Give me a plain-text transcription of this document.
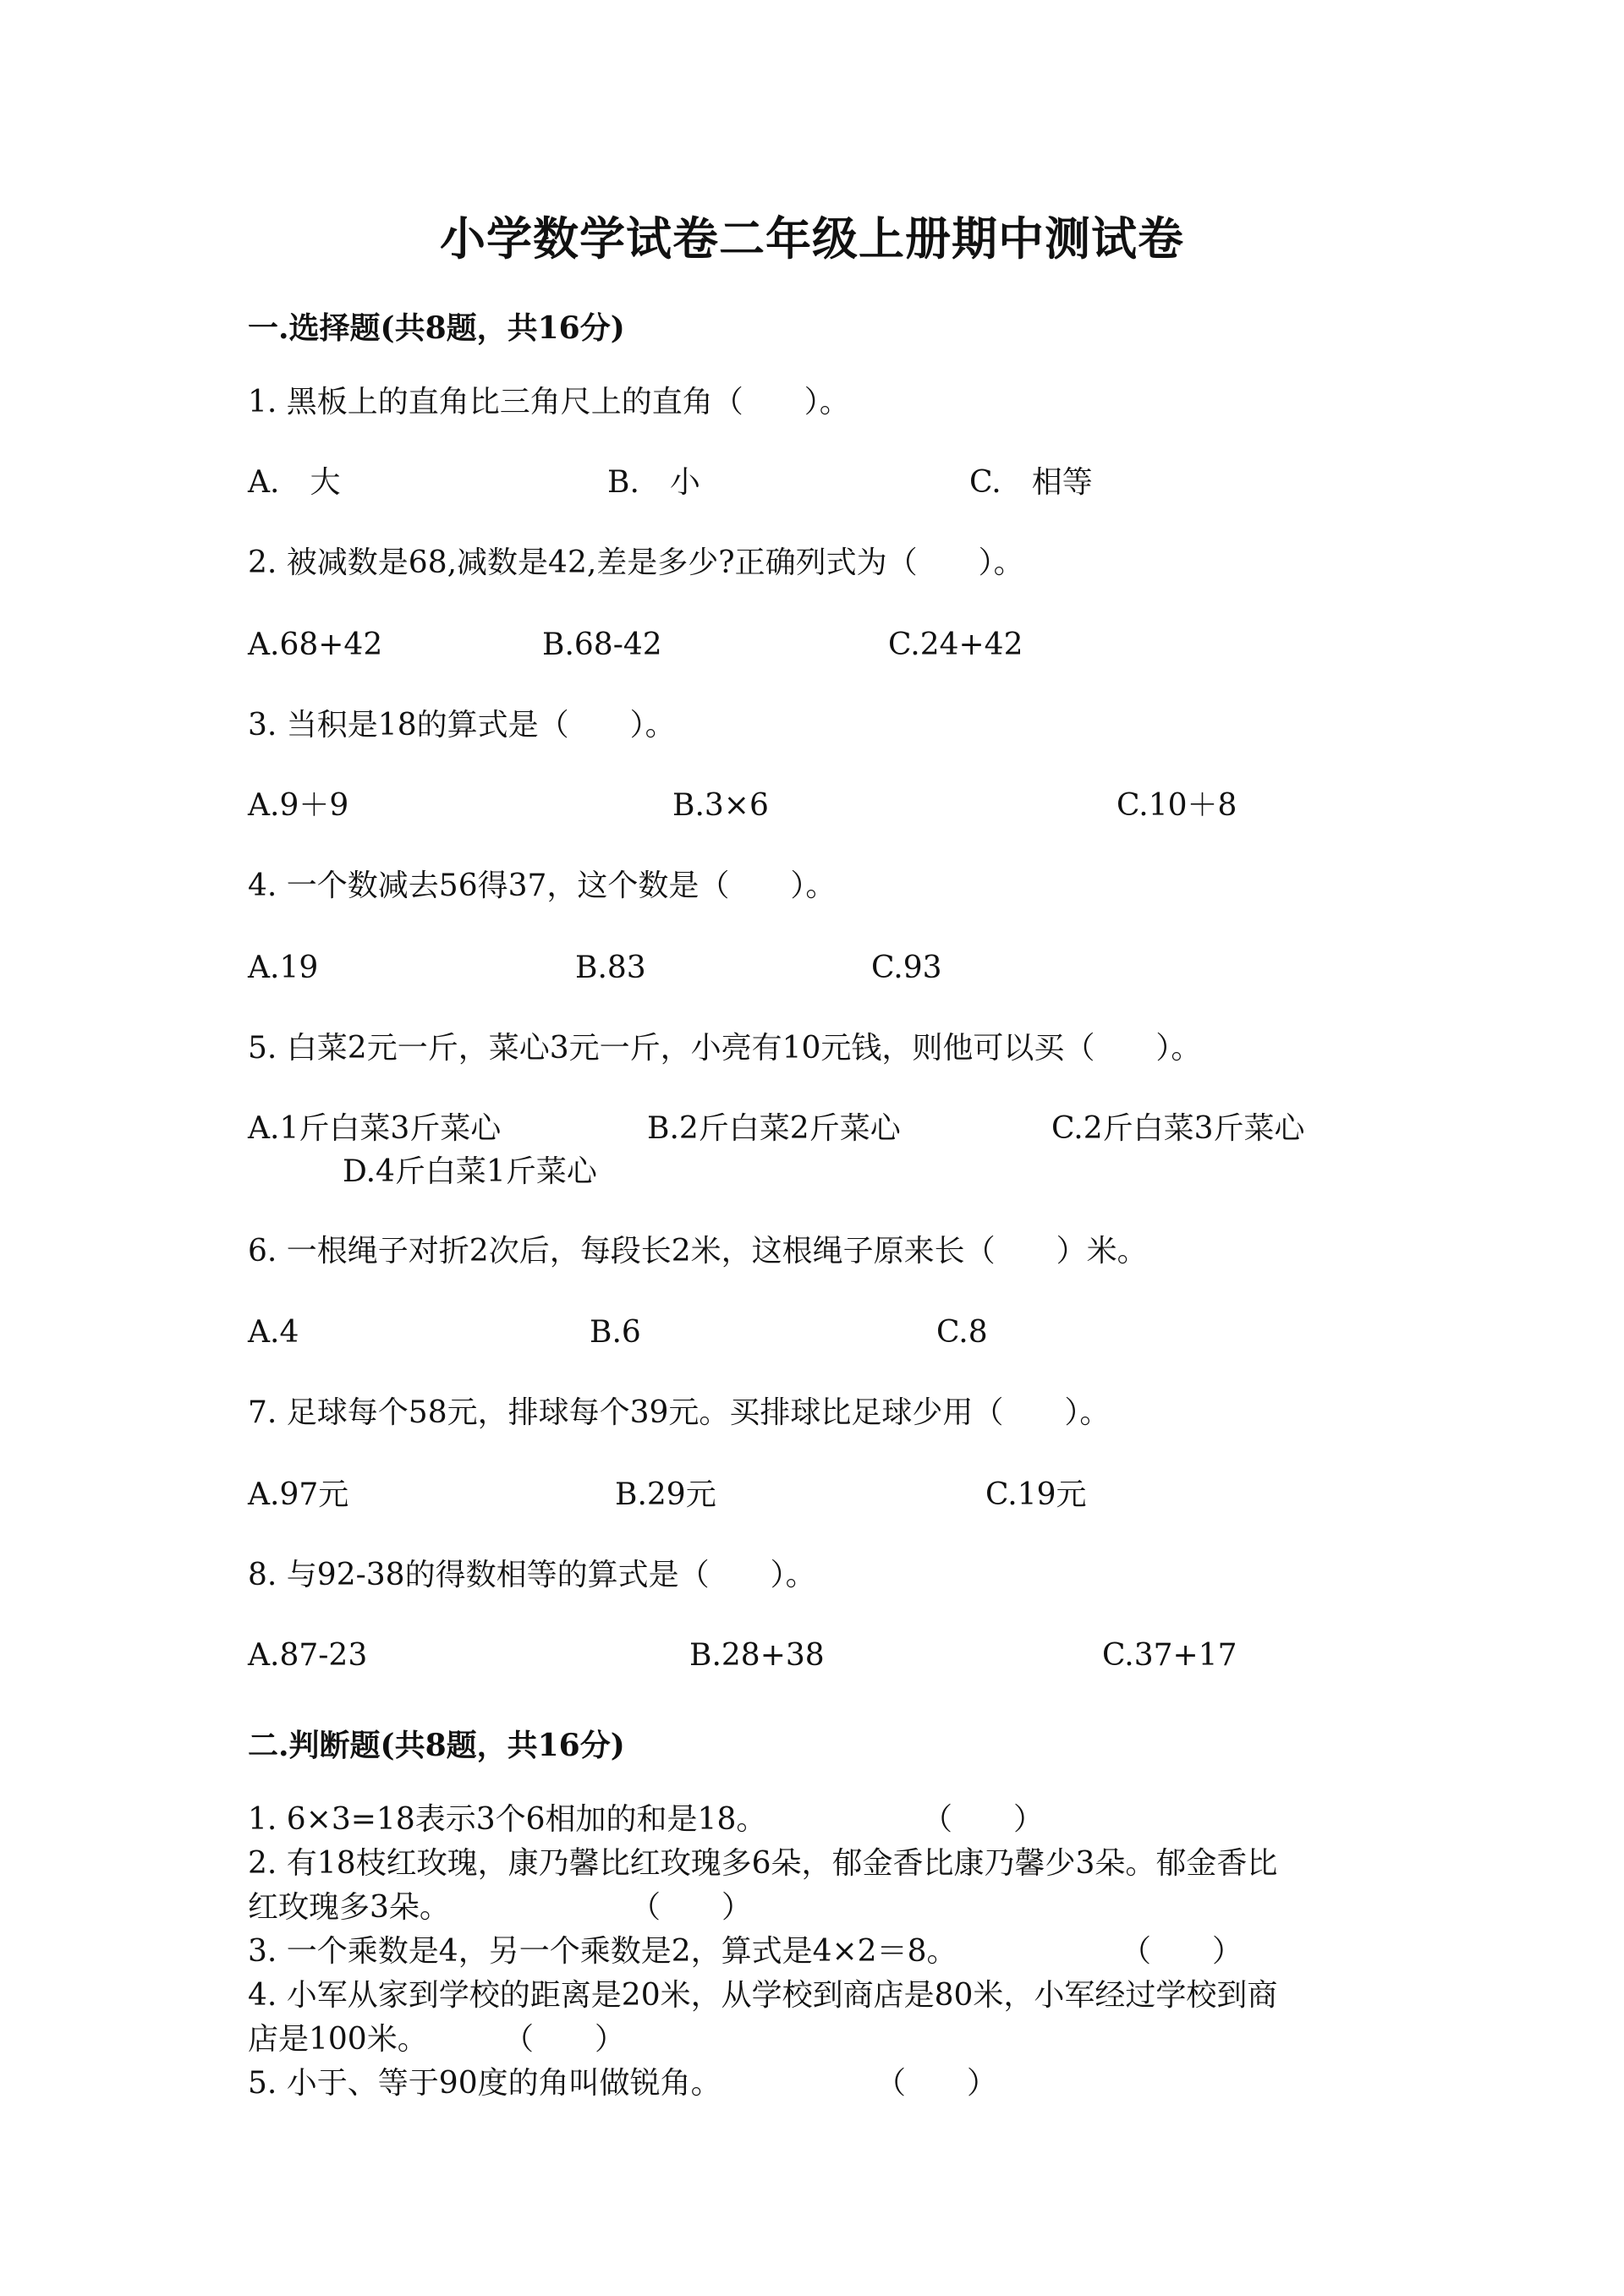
小学数学试卷二年级上册期中测试卷
一.选择题(共8题，共16分)
1. 黑板上的直角比三角尺上的直角（　　）。
A.　大	B.　小	C.　相等
2. 被减数是68,减数是42,差是多少?正确列式为（　　）。
A.68+42	B.68-42	C.24+42
3. 当积是18的算式是（　　）。
A.9＋9	B.3×6	C.10＋8
4. 一个数减去56得37，这个数是（　　）。
A.19	B.83	C.93
5. 白菜2元一斤，菜心3元一斤，小亮有10元钱，则他可以买（　　）。
A.1斤白菜3斤菜心	B.2斤白菜2斤菜心	C.2斤白菜3斤菜心
D.4斤白菜1斤菜心
6. 一根绳子对折2次后，每段长2米，这根绳子原来长（　　）米。
A.4	B.6	C.8
7. 足球每个58元，排球每个39元。买排球比足球少用（　　）。
A.97元	B.29元	C.19元
8. 与92-38的得数相等的算式是（　　）。
A.87-23	B.28+38	C.37+17
二.判断题(共8题，共16分)
1. 6×3=18表示3个6相加的和是18。	（　　）
2. 有18枝红玫瑰，康乃馨比红玫瑰多6朵，郁金香比康乃馨少3朵。郁金香比
红玫瑰多3朵。	（　　）
3. 一个乘数是4，另一个乘数是2，算式是4×2＝8。	（　　）
4. 小军从家到学校的距离是20米，从学校到商店是80米，小军经过学校到商
店是100米。 （　　）
5. 小于、等于90度的角叫做锐角。	（　　）
